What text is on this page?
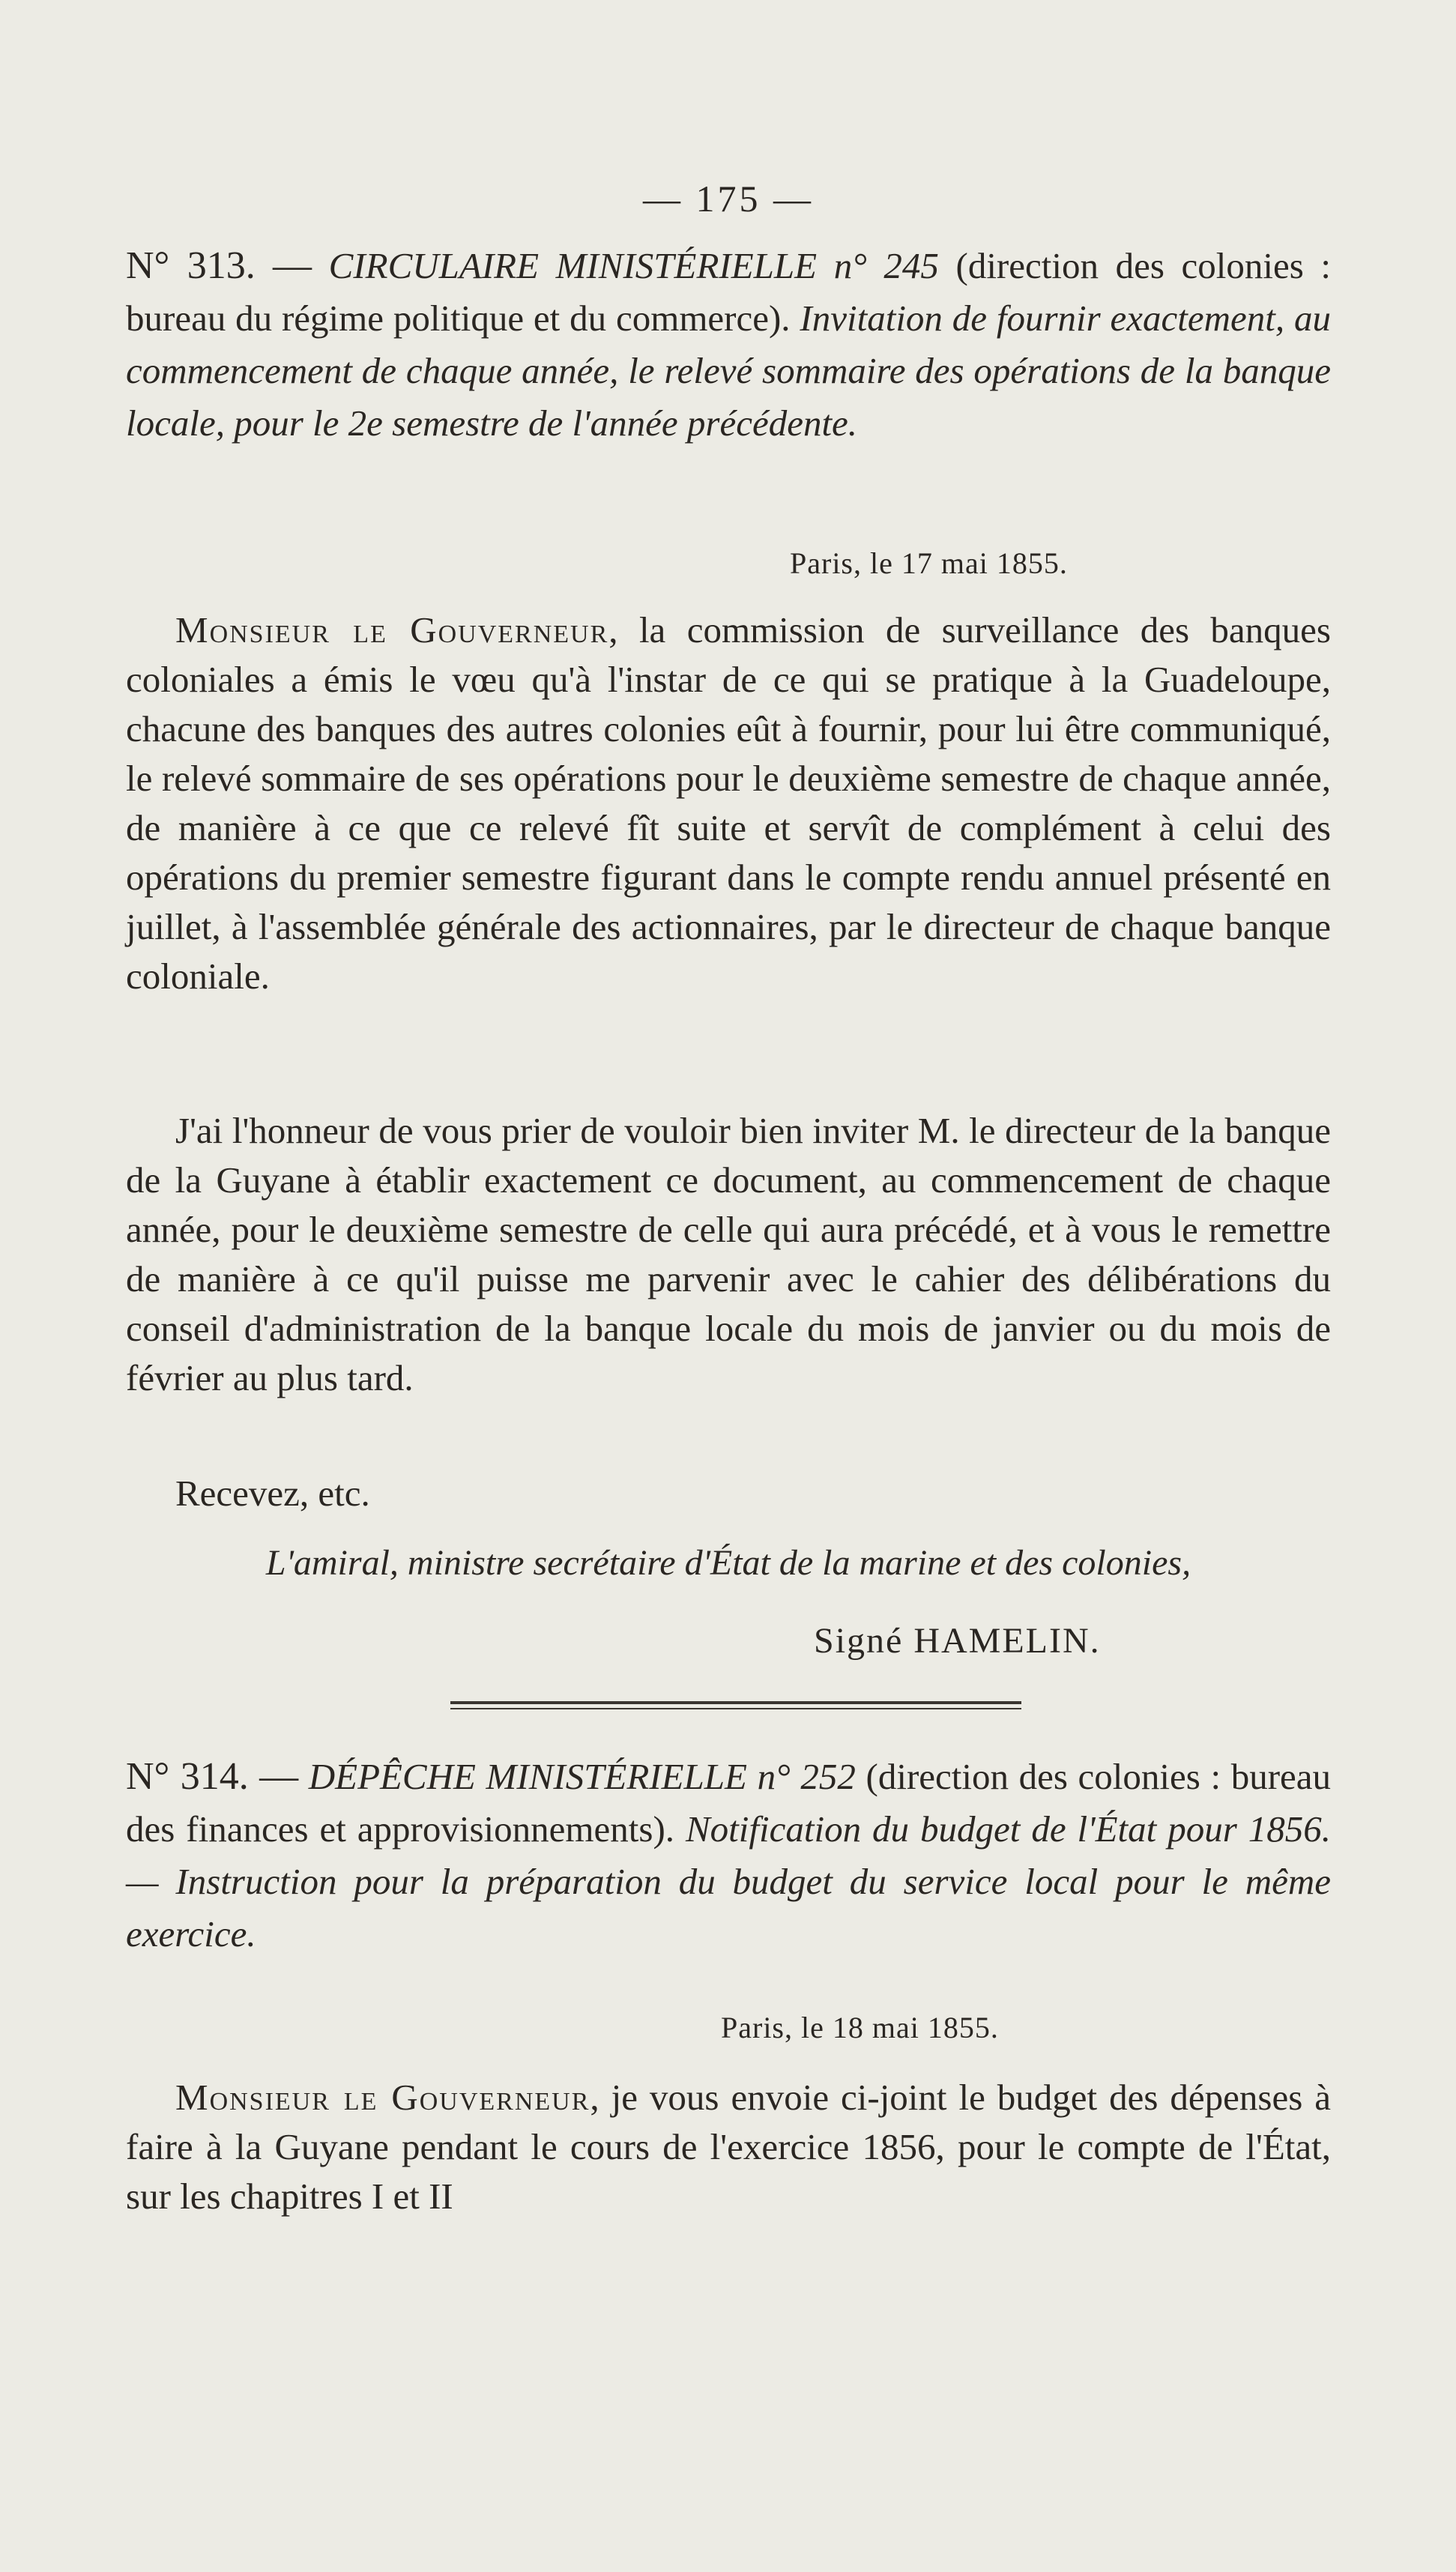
— 175 —
N° 313. — CIRCULAIRE MINISTÉRIELLE n° 245 (direction des colonies : bureau du régime politique et du commerce). Invitation de fournir exactement, au commencement de chaque année, le relevé sommaire des opérations de la banque locale, pour le 2e semestre de l'année précédente.
Paris, le 17 mai 1855.
Monsieur le Gouverneur, la commission de surveillance des banques coloniales a émis le vœu qu'à l'instar de ce qui se pratique à la Guadeloupe, chacune des banques des autres colonies eût à fournir, pour lui être communiqué, le relevé sommaire de ses opérations pour le deuxième semestre de chaque année, de manière à ce que ce relevé fît suite et servît de complément à celui des opérations du premier semestre figurant dans le compte rendu annuel présenté en juillet, à l'assemblée générale des actionnaires, par le directeur de chaque banque coloniale.
J'ai l'honneur de vous prier de vouloir bien inviter M. le directeur de la banque de la Guyane à établir exactement ce document, au commencement de chaque année, pour le deuxième semestre de celle qui aura précédé, et à vous le remettre de manière à ce qu'il puisse me parvenir avec le cahier des délibérations du conseil d'administration de la banque locale du mois de janvier ou du mois de février au plus tard.
Recevez, etc.
L'amiral, ministre secrétaire d'État de la marine et des colonies,
Signé HAMELIN.
N° 314. — DÉPÊCHE MINISTÉRIELLE n° 252 (direction des colonies : bureau des finances et approvisionnements). Notification du budget de l'État pour 1856. — Instruction pour la préparation du budget du service local pour le même exercice.
Paris, le 18 mai 1855.
Monsieur le Gouverneur, je vous envoie ci-joint le budget des dépenses à faire à la Guyane pendant le cours de l'exercice 1856, pour le compte de l'État, sur les chapitres I et II
